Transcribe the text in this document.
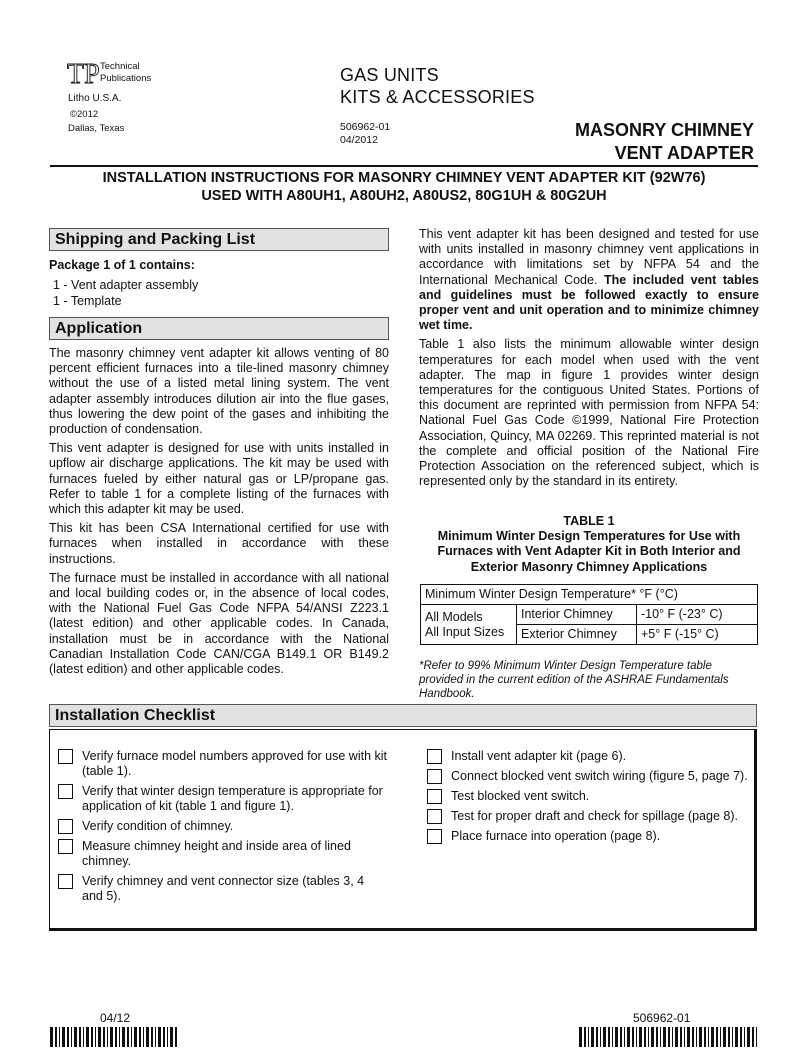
TP Technical
Publications
Litho U.S.A.
©2012
Dallas, Texas
GAS UNITS
KITS & ACCESSORIES
506962-01
04/2012	MASONRY CHIMNEY
VENT ADAPTER
INSTALLATION INSTRUCTIONS FOR MASONRY CHIMNEY VENT ADAPTER KIT (92W76)
USED WITH A80UH1, A80UH2, A80US2, 80G1UH & 80G2UH
Shipping and Packing List
Package 1 of 1 contains:
1 - Vent adapter assembly
1 - Template
Application

The masonry chimney vent adapter kit allows venting of 80 percent efficient furnaces into a tile-lined masonry chimney without the use of a listed metal lining system. The vent adapter assembly introduces dilution air into the flue gases, thus lowering the dew point of the gases and inhibiting the production of condensation.

This vent adapter is designed for use with units installed in upflow air discharge applications. The kit may be used with furnaces fueled by either natural gas or LP/propane gas. Refer to table 1 for a complete listing of the furnaces with which this adapter kit may be used.

This kit has been CSA International certified for use with furnaces when installed in accordance with these instructions.

The furnace must be installed in accordance with all national and local building codes or, in the absence of local codes, with the National Fuel Gas Code NFPA 54/ANSI Z223.1 (latest edition) and other applicable codes. In Canada, installation must be in accordance with the National Canadian Installation Code CAN/CGA B149.1 OR B149.2 (latest edition) and other applicable codes.

This vent adapter kit has been designed and tested for use with units installed in masonry chimney vent applications in accordance with limitations set by NFPA 54 and the International Mechanical Code. The included vent tables and guidelines must be followed exactly to ensure proper vent and unit operation and to minimize chimney wet time.

Table 1 also lists the minimum allowable winter design temperatures for each model when used with the vent adapter. The map in figure 1 provides winter design temperatures for the contiguous United States. Portions of this document are reprinted with permission from NFPA 54: National Fuel Gas Code ©1999, National Fire Protection Association, Quincy, MA 02269. This reprinted material is not the complete and official position of the National Fire Protection Association on the referenced subject, which is represented only by the standard in its entirety.

TABLE 1
Minimum Winter Design Temperatures for Use with Furnaces with Vent Adapter Kit in Both Interior and Exterior Masonry Chimney Applications
Minimum Winter Design Temperature* °F (°C)		

All Models
All Input Sizes	Interior Chimney	-10° F (-23° C)
	Exterior Chimney	+5° F (-15° C)
*Refer to 99% Minimum Winter Design Temperature table provided in the current edition of the ASHRAE Fundamentals Handbook.
Installation Checklist
Verify furnace model numbers approved for use with kit (table 1).
Verify that winter design temperature is appropriate for application of kit (table 1 and figure 1).
Verify condition of chimney.
Measure chimney height and inside area of lined chimney.
Verify chimney and vent connector size (tables 3, 4 and 5).
Install vent adapter kit (page 6).
Connect blocked vent switch wiring (figure 5, page 7).
Test blocked vent switch.
Test for proper draft and check for spillage (page 8).
Place furnace into operation (page 8).
04/12	506962-01
